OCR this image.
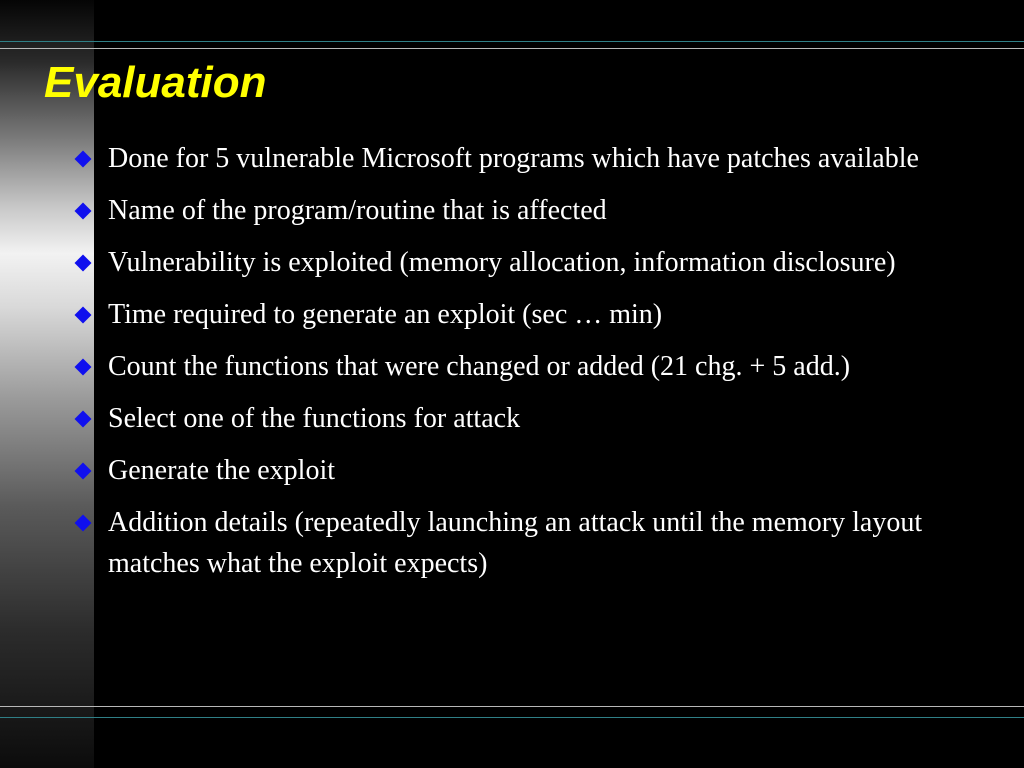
Evaluation
Done for 5 vulnerable Microsoft programs which have patches available
Name of the program/routine that is affected
Vulnerability is exploited (memory allocation, information disclosure)
Time required to generate an exploit (sec … min)
Count the functions that were changed or added (21 chg. + 5 add.)
Select one of the functions for attack
Generate the exploit
Addition details (repeatedly launching an attack until the memory layout matches what the exploit expects)
